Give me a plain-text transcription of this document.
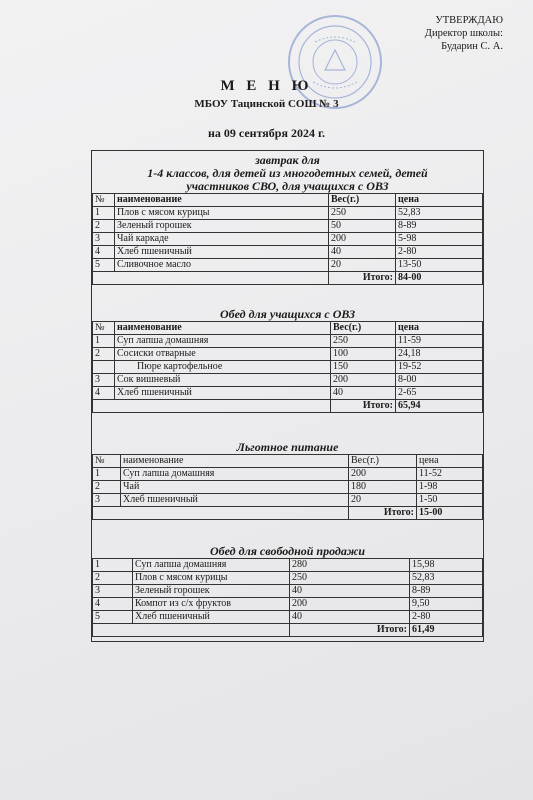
УТВЕРЖДАЮ
Директор школы:
Бударин С. А.
М Е Н Ю
МБОУ Тацинской СОШ № 3
на 09 сентября 2024 г.
завтрак для
1-4 классов, для детей из многодетных семей, детей
участников СВО, для учащихся с ОВЗ
№	наименование	Вес(г.)	цена
1	Плов с мясом курицы	250	52,83
2	Зеленый горошек	50	8-89
3	Чай каркаде	200	5-98
4	Хлеб пшеничный	40	2-80
5	Сливочное масло	20	13-50
		Итого:	84-00
Обед для учащихся с ОВЗ
№	наименование	Вес(г.)	цена
1	Суп лапша домашняя	250	11-59
2	Сосиски отварные	100	24,18
	Пюре картофельное	150	19-52
3	Сок вишневый	200	8-00
4	Хлеб пшеничный	40	2-65
		Итого:	65,94
Льготное питание
№	наименование	Вес(г.)	цена
1	Суп лапша домашняя	200	11-52
2	Чай	180	1-98
3	Хлеб пшеничный	20	1-50
		Итого:	15-00
Обед для свободной продажи
1	Суп лапша домашняя	280	15,98
2	Плов с мясом курицы	250	52,83
3	Зеленый горошек	40	8-89
4	Компот из с/х фруктов	200	9,50
5	Хлеб пшеничный	40	2-80
		Итого:	61,49
